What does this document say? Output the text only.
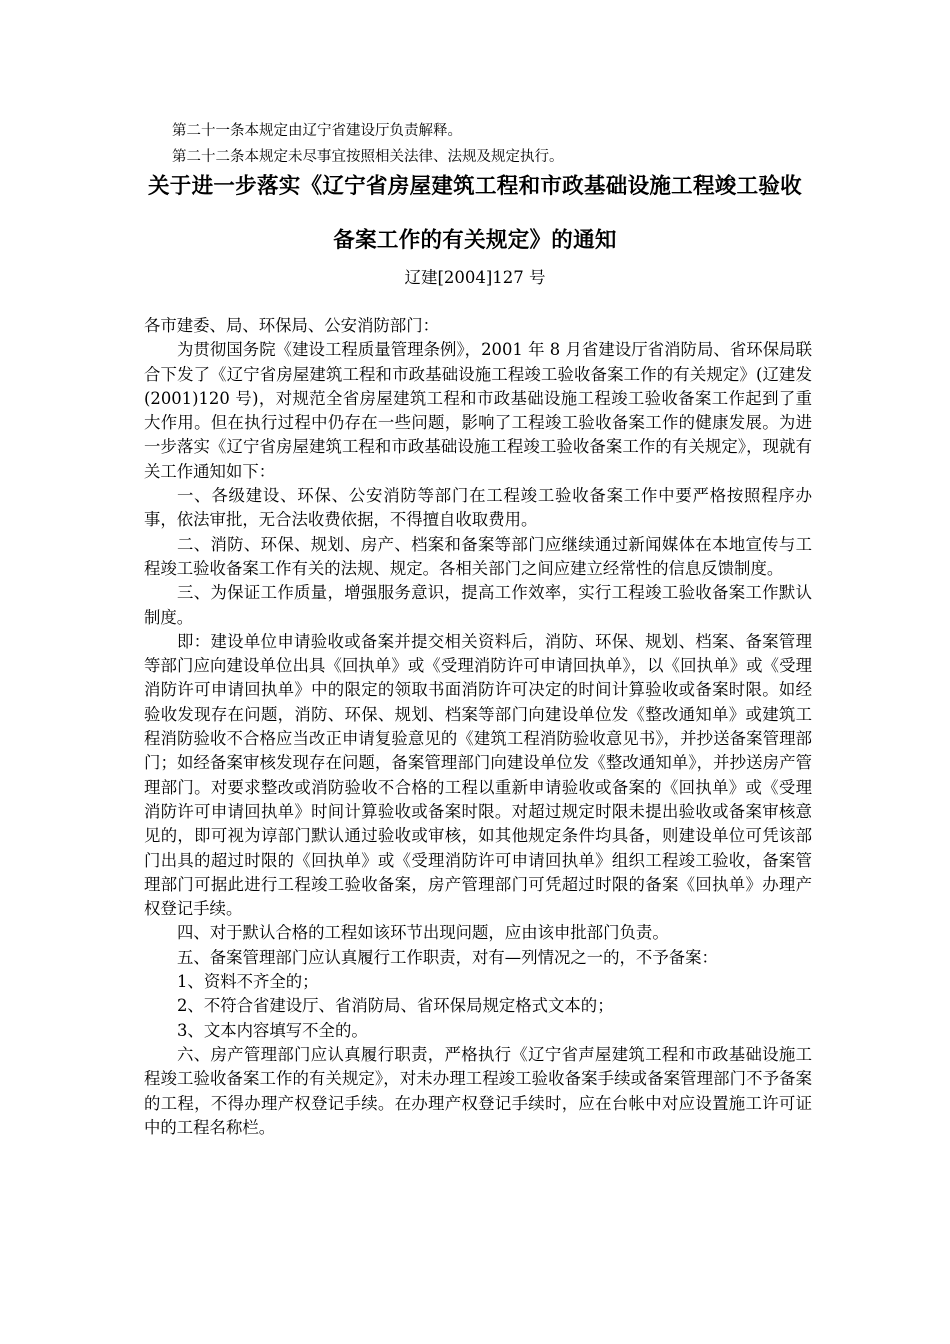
第二十一条本规定由辽宁省建设厅负责解释。
第二十二条本规定未尽事宜按照相关法律、法规及规定执行。
关于进一步落实《辽宁省房屋建筑工程和市政基础设施工程竣工验收
备案工作的有关规定》的通知
辽建[2004]127 号

各市建委、局、环保局、公安消防部门：

为贯彻国务院《建设工程质量管理条例》，2001 年 8 月省建设厅省消防局、省环保局联合下发了《辽宁省房屋建筑工程和市政基础设施工程竣工验收备案工作的有关规定》(辽建发(2001)120 号)，对规范全省房屋建筑工程和市政基础设施工程竣工验收备案工作起到了重大作用。但在执行过程中仍存在一些问题，影响了工程竣工验收备案工作的健康发展。为进一步落实《辽宁省房屋建筑工程和市政基础设施工程竣工验收备案工作的有关规定》，现就有关工作通知如下：

一、各级建设、环保、公安消防等部门在工程竣工验收备案工作中要严格按照程序办事，依法审批，无合法收费依据，不得擅自收取费用。

二、消防、环保、规划、房产、档案和备案等部门应继续通过新闻媒体在本地宣传与工程竣工验收备案工作有关的法规、规定。各相关部门之间应建立经常性的信息反馈制度。

三、为保证工作质量，增强服务意识，提高工作效率，实行工程竣工验收备案工作默认制度。

即：建设单位申请验收或备案并提交相关资料后，消防、环保、规划、档案、备案管理等部门应向建设单位出具《回执单》或《受理消防许可申请回执单》，以《回执单》或《受理消防许可申请回执单》中的限定的领取书面消防许可决定的时间计算验收或备案时限。如经验收发现存在问题，消防、环保、规划、档案等部门向建设单位发《整改通知单》或建筑工程消防验收不合格应当改正申请复验意见的《建筑工程消防验收意见书》，并抄送备案管理部门；如经备案审核发现存在问题，备案管理部门向建设单位发《整改通知单》，并抄送房产管理部门。对要求整改或消防验收不合格的工程以重新申请验收或备案的《回执单》或《受理消防许可申请回执单》时间计算验收或备案时限。对超过规定时限未提出验收或备案审核意见的，即可视为谆部门默认通过验收或审核，如其他规定条件均具备，则建设单位可凭该部门出具的超过时限的《回执单》或《受理消防许可申请回执单》组织工程竣工验收，备案管理部门可据此进行工程竣工验收备案，房产管理部门可凭超过时限的备案《回执单》办理产权登记手续。

四、对于默认合格的工程如该环节出现问题，应由该申批部门负责。

五、备案管理部门应认真履行工作职责，对有—列情况之一的，不予备案：

1、资料不齐全的；

2、不符合省建设厅、省消防局、省环保局规定格式文本的；

3、文本内容填写不全的。

六、房产管理部门应认真履行职责，严格执行《辽宁省声屋建筑工程和市政基础设施工程竣工验收备案工作的有关规定》，对未办理工程竣工验收备案手续或备案管理部门不予备案的工程，不得办理产权登记手续。在办理产权登记手续时，应在台帐中对应设置施工许可证中的工程名称栏。
